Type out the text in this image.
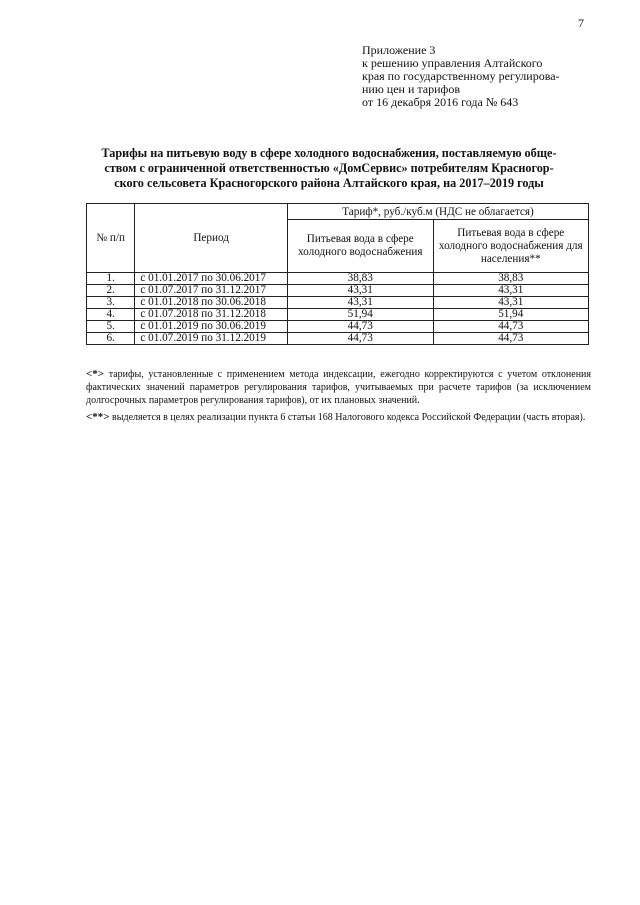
7
Приложение 3
к решению управления Алтайского
края по государственному регулирова-
нию цен и тарифов
от 16 декабря 2016 года № 643
Тарифы на питьевую воду в сфере холодного водоснабжения, поставляемую обще-
ством с ограниченной ответственностью «ДомСервис» потребителям Красногор-
ского сельсовета Красногорского района Алтайского края, на 2017–2019 годы
№ п/п	Период	Тариф*, руб./куб.м (НДС не облагается)	
		Питьевая вода в сфере холодного водоснабжения	Питьевая вода в сфере холодного водоснабжения для населения**
1.	с 01.01.2017 по 30.06.2017	38,83	38,83
2.	с 01.07.2017 по 31.12.2017	43,31	43,31
3.	с 01.01.2018 по 30.06.2018	43,31	43,31
4.	с 01.07.2018 по 31.12.2018	51,94	51,94
5.	с 01.01.2019 по 30.06.2019	44,73	44,73
6.	с 01.07.2019 по 31.12.2019	44,73	44,73

<*> тарифы, установленные с применением метода индексации, ежегодно корректируются с учетом отклонения фактических значений параметров регулирования тарифов, учитываемых при расчете тарифов (за исключением долгосрочных параметров регулирования тарифов), от их плановых значений.

<**> выделяется в целях реализации пункта 6 статьи 168 Налогового кодекса Российской Федерации (часть вторая).
